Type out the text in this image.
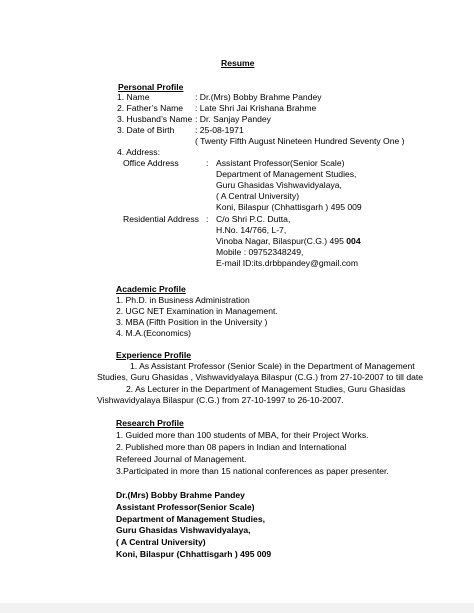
Resume
Personal Profile
1. Name	: Dr.(Mrs) Bobby Brahme Pandey
2. Father’s Name : Late Shri Jai Krishana Brahme
3. Husband’s Name : Dr. Sanjay Pandey
3. Date of Birth : 25-08-1971
( Twenty Fifth August Nineteen Hundred Seventy One )
4. Address:
Office Address	: Assistant Professor(Senior Scale)
Department of Management Studies,
Guru Ghasidas Vishwavidyalaya,
( A Central University)
Koni, Bilaspur (Chhattisgarh ) 495 009
Residential Address : C/o Shri P.C. Dutta,
H.No. 14/766, L-7,
Vinoba Nagar, Bilaspur(C.G.) 495 004
Mobile : 09752348249,
E-mail ID:its.drbbpandey@gmail.com
Academic Profile
1. Ph.D. in Business Administration
2. UGC NET Examination in Management.
3. MBA (Fifth Position in the University )
4. M.A.(Economics)
Experience Profile
1. As Assistant Professor (Senior Scale) in the Department of Management
Studies, Guru Ghasidas , Vishwavidyalaya Bilaspur (C.G.) from 27-10-2007 to till date
2. As Lecturer in the Department of Management Studies, Guru Ghasidas
Vishwavidyalaya Bilaspur (C.G.) from 27-10-1997 to 26-10-2007.
Research Profile
1. Guided more than 100 students of MBA, for their Project Works.
2. Published more than 08 papers in Indian and International
Refereed Journal of Management.
3.Participated in more than 15 national conferences as paper presenter.
Dr.(Mrs) Bobby Brahme Pandey
Assistant Professor(Senior Scale)
Department of Management Studies,
Guru Ghasidas Vishwavidyalaya,
( A Central University)
Koni, Bilaspur (Chhattisgarh ) 495 009
